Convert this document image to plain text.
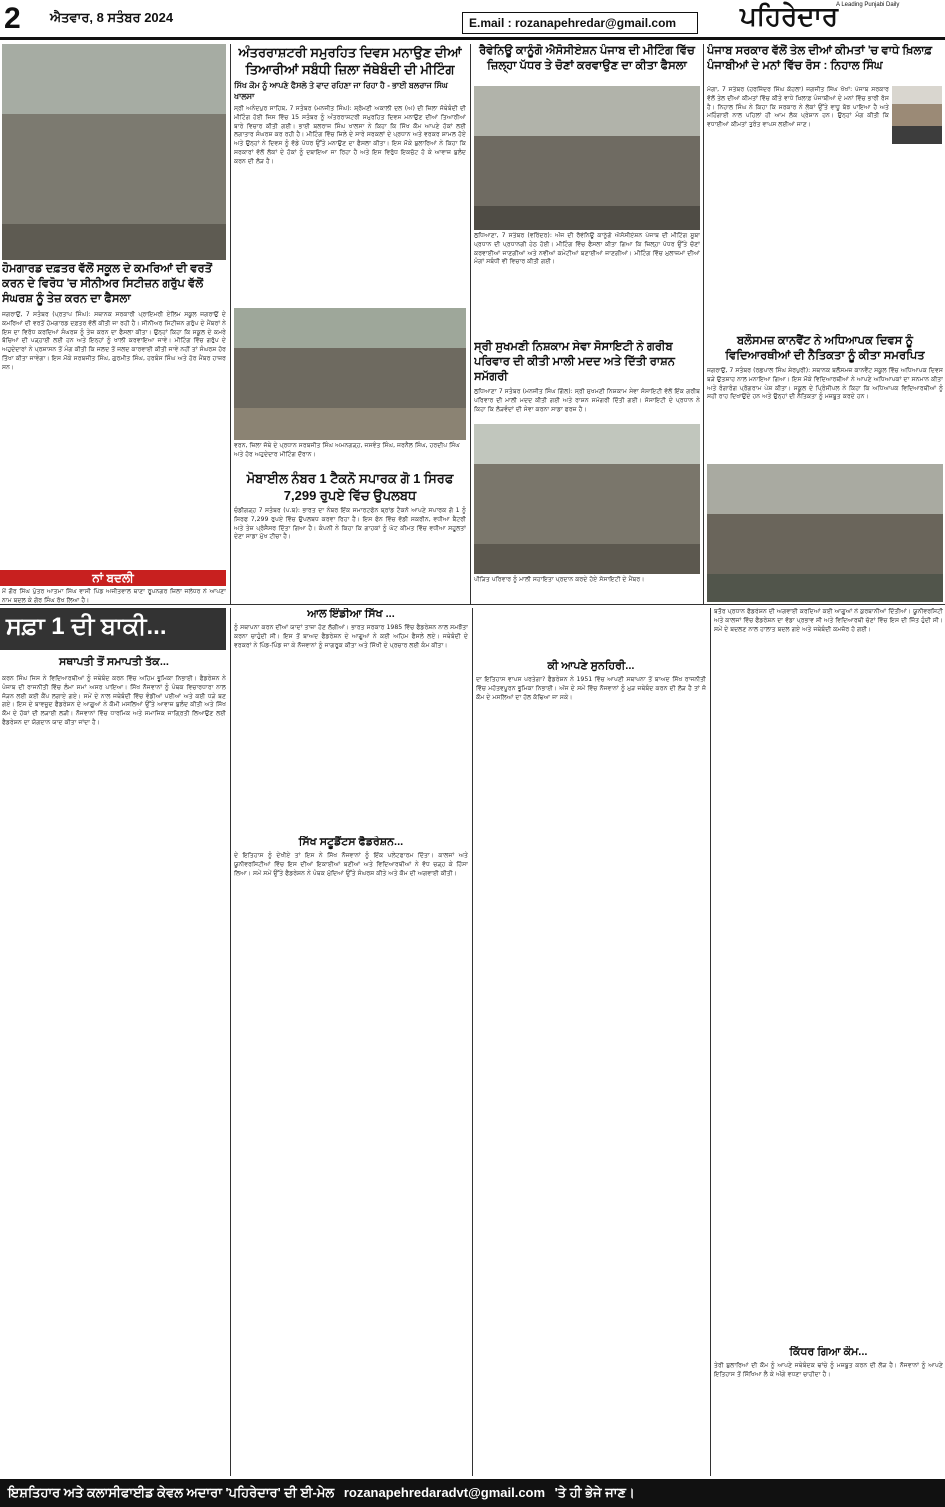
2 ਐਤਵਾਰ, 8 ਸਤੰਬਰ 2024	E.mail : rozanapehredar@gmail.com	ਪਹਿਰੇਦਾਰ
A Leading Punjabi Daily
ਹੋਮਗਾਰਡ ਦਫ਼ਤਰ ਵੱਲੋਂ ਸਕੂਲ ਦੇ ਕਮਰਿਆਂ ਦੀ ਵਰਤੋਂ ਕਰਨ ਦੇ ਵਿਰੋਧ 'ਚ ਸੀਨੀਅਰ ਸਿਟੀਜ਼ਨ ਗਰੁੱਪ ਵੱਲੋਂ ਸੰਘਰਸ਼ ਨੂੰ ਤੇਜ਼ ਕਰਨ ਦਾ ਫੈਸਲਾ
ਜਗਰਾਉਂ, 7 ਸਤੰਬਰ (ਪ੍ਰਤਾਪ ਸਿੰਘ): ਸਥਾਨਕ ਸਰਕਾਰੀ ਪ੍ਰਾਇਮਰੀ ਏਲਿਮ ਸਕੂਲ ਜਗਰਾਉਂ ਦੇ ਕਮਰਿਆਂ ਦੀ ਵਰਤੋਂ ਹੋਮਗਾਰਡ ਦਫ਼ਤਰ ਵੱਲੋਂ ਕੀਤੀ ਜਾ ਰਹੀ ਹੈ। ਸੀਨੀਅਰ ਸਿਟੀਜ਼ਨ ਗਰੁੱਪ ਦੇ ਮੈਂਬਰਾਂ ਨੇ ਇਸ ਦਾ ਵਿਰੋਧ ਕਰਦਿਆਂ ਸੰਘਰਸ਼ ਨੂੰ ਤੇਜ਼ ਕਰਨ ਦਾ ਫੈਸਲਾ ਕੀਤਾ। ਉਨ੍ਹਾਂ ਕਿਹਾ ਕਿ ਸਕੂਲ ਦੇ ਕਮਰੇ ਬੱਚਿਆਂ ਦੀ ਪੜ੍ਹਾਈ ਲਈ ਹਨ ਅਤੇ ਇਨ੍ਹਾਂ ਨੂੰ ਖਾਲੀ ਕਰਵਾਇਆ ਜਾਵੇ। ਮੀਟਿੰਗ ਵਿੱਚ ਗਰੁੱਪ ਦੇ ਅਹੁਦੇਦਾਰਾਂ ਨੇ ਪ੍ਰਸ਼ਾਸਨ ਤੋਂ ਮੰਗ ਕੀਤੀ ਕਿ ਜਲਦ ਤੋਂ ਜਲਦ ਕਾਰਵਾਈ ਕੀਤੀ ਜਾਵੇ ਨਹੀਂ ਤਾਂ ਸੰਘਰਸ਼ ਹੋਰ ਤਿੱਖਾ ਕੀਤਾ ਜਾਵੇਗਾ। ਇਸ ਮੌਕੇ ਸਰਬਜੀਤ ਸਿੰਘ, ਗੁਰਮੀਤ ਸਿੰਘ, ਹਰਬੰਸ ਸਿੰਘ ਅਤੇ ਹੋਰ ਮੈਂਬਰ ਹਾਜ਼ਰ ਸਨ।
ਨਾਂ ਬਦਲੀ
ਮੈਂ ਗੌਰ ਸਿੰਘ ਪੁੱਤਰ ਆਤਮਾ ਸਿੰਘ ਵਾਸੀ ਪਿੰਡ ਅਜੀਤਵਾਲ ਥਾਣਾ ਰੂਪਨਗਰ ਜ਼ਿਲਾ ਜਲੰਧਰ ਨੇ ਆਪਣਾ ਨਾਮ ਬਦਲ ਕੇ ਗੋਰ ਸਿੰਘ ਰੱਖ ਲਿਆ ਹੈ।
ਅੰਤਰਰਾਸ਼ਟਰੀ ਸਮੁਰਹਿਤ ਦਿਵਸ ਮਨਾਉਣ ਦੀਆਂ ਤਿਆਰੀਆਂ ਸਬੰਧੀ ਜ਼ਿਲਾ ਜੱਥੇਬੰਦੀ ਦੀ ਮੀਟਿੰਗ
ਸਿੱਖ ਕੌਮ ਨੂੰ ਆਪਣੇ ਫੈਸਲੇ ਤੇ ਵਾਦ ਰਹਿਣਾ ਜਾ ਰਿਹਾ ਹੈ - ਭਾਈ ਬਲਰਾਜ ਸਿੰਘ ਖਾਲਸਾ
ਸ੍ਰੀ ਅਨੰਦਪੁਰ ਸਾਹਿਬ, 7 ਸਤੰਬਰ (ਮਨਜੀਤ ਸਿੰਘ): ਸ਼੍ਰੋਮਣੀ ਅਕਾਲੀ ਦਲ (ਅ) ਦੀ ਜ਼ਿਲਾ ਜੱਥੇਬੰਦੀ ਦੀ ਮੀਟਿੰਗ ਹੋਈ ਜਿਸ ਵਿੱਚ 15 ਸਤੰਬਰ ਨੂੰ ਅੰਤਰਰਾਸ਼ਟਰੀ ਸਮੁਰਹਿਤ ਦਿਵਸ ਮਨਾਉਣ ਦੀਆਂ ਤਿਆਰੀਆਂ ਬਾਰੇ ਵਿਚਾਰ ਕੀਤੀ ਗਈ। ਭਾਈ ਬਲਰਾਜ ਸਿੰਘ ਖਾਲਸਾ ਨੇ ਕਿਹਾ ਕਿ ਸਿੱਖ ਕੌਮ ਆਪਣੇ ਹੱਕਾਂ ਲਈ ਲਗਾਤਾਰ ਸੰਘਰਸ਼ ਕਰ ਰਹੀ ਹੈ। ਮੀਟਿੰਗ ਵਿੱਚ ਜ਼ਿਲੇ ਦੇ ਸਾਰੇ ਸਰਕਲਾਂ ਦੇ ਪ੍ਰਧਾਨ ਅਤੇ ਵਰਕਰ ਸ਼ਾਮਲ ਹੋਏ ਅਤੇ ਉਨ੍ਹਾਂ ਨੇ ਦਿਵਸ ਨੂੰ ਵੱਡੇ ਪੱਧਰ ਉੱਤੇ ਮਨਾਉਣ ਦਾ ਫੈਸਲਾ ਕੀਤਾ। ਇਸ ਮੌਕੇ ਬੁਲਾਰਿਆਂ ਨੇ ਕਿਹਾ ਕਿ ਸਰਕਾਰਾਂ ਵੱਲੋਂ ਲੋਕਾਂ ਦੇ ਹੱਕਾਂ ਨੂੰ ਦਬਾਇਆ ਜਾ ਰਿਹਾ ਹੈ ਅਤੇ ਇਸ ਵਿਰੁੱਧ ਇਕਜੁੱਟ ਹੋ ਕੇ ਆਵਾਜ਼ ਬੁਲੰਦ ਕਰਨ ਦੀ ਲੋੜ ਹੈ।
ਵਰਨ, ਜ਼ਿਲਾ ਜੱਥੇ ਦੇ ਪ੍ਰਧਾਨ ਸਰਬਜੀਤ ਸਿੰਘ ਅਮਨਗੜ੍ਹ, ਜਸਵੰਤ ਸਿੰਘ, ਜਰਨੈਲ ਸਿੰਘ, ਹਰਦੀਪ ਸਿੰਘ ਅਤੇ ਹੋਰ ਅਹੁਦੇਦਾਰ ਮੀਟਿੰਗ ਦੌਰਾਨ।
ਮੋਬਾਈਲ ਨੰਬਰ 1 ਟੈਕਨੋ ਸਪਾਰਕ ਗੋ 1 ਸਿਰਫ 7,299 ਰੁਪਏ ਵਿੱਚ ਉਪਲਬਧ
ਚੰਡੀਗੜ੍ਹ 7 ਸਤੰਬਰ (ਪ.ਬ): ਭਾਰਤ ਦਾ ਨੰਬਰ ਇੱਕ ਸਮਾਰਟਫੋਨ ਬ੍ਰਾਂਡ ਟੈਕਨੋ ਆਪਣੇ ਸਪਾਰਕ ਗੋ 1 ਨੂੰ ਸਿਰਫ 7,299 ਰੁਪਏ ਵਿੱਚ ਉਪਲਬਧ ਕਰਵਾ ਰਿਹਾ ਹੈ। ਇਸ ਫੋਨ ਵਿੱਚ ਵੱਡੀ ਸਕਰੀਨ, ਵਧੀਆ ਬੈਟਰੀ ਅਤੇ ਤੇਜ਼ ਪ੍ਰੋਸੈਸਰ ਦਿੱਤਾ ਗਿਆ ਹੈ। ਕੰਪਨੀ ਨੇ ਕਿਹਾ ਕਿ ਗਾਹਕਾਂ ਨੂੰ ਘੱਟ ਕੀਮਤ ਵਿੱਚ ਵਧੀਆ ਸਹੂਲਤਾਂ ਦੇਣਾ ਸਾਡਾ ਮੁੱਖ ਟੀਚਾ ਹੈ।
ਰੈਵੇਨਿਊ ਕਾਨੂੰਗੋ ਐਸੋਸੀਏਸ਼ਨ ਪੰਜਾਬ ਦੀ ਮੀਟਿੰਗ ਵਿੱਚ ਜ਼ਿਲ੍ਹਾ ਪੱਧਰ ਤੇ ਚੋਣਾਂ ਕਰਵਾਉਣ ਦਾ ਕੀਤਾ ਫੈਸਲਾ
ਲੁਧਿਆਣਾ, 7 ਸਤੰਬਰ (ਵਰਿੰਦਰ): ਅੱਜ ਦੀ ਰੈਵੇਨਿਊ ਕਾਨੂੰਗੋ ਐਸੋਸੀਏਸ਼ਨ ਪੰਜਾਬ ਦੀ ਮੀਟਿੰਗ ਸੂਬਾ ਪ੍ਰਧਾਨ ਦੀ ਪ੍ਰਧਾਨਗੀ ਹੇਠ ਹੋਈ। ਮੀਟਿੰਗ ਵਿੱਚ ਫੈਸਲਾ ਕੀਤਾ ਗਿਆ ਕਿ ਜ਼ਿਲ੍ਹਾ ਪੱਧਰ ਉੱਤੇ ਚੋਣਾਂ ਕਰਵਾਈਆਂ ਜਾਣਗੀਆਂ ਅਤੇ ਨਵੀਆਂ ਕਮੇਟੀਆਂ ਬਣਾਈਆਂ ਜਾਣਗੀਆਂ। ਮੀਟਿੰਗ ਵਿੱਚ ਮੁਲਾਜ਼ਮਾਂ ਦੀਆਂ ਮੰਗਾਂ ਸਬੰਧੀ ਵੀ ਵਿਚਾਰ ਕੀਤੀ ਗਈ।
ਸ੍ਰੀ ਸੁਖਮਣੀ ਨਿਸ਼ਕਾਮ ਸੇਵਾ ਸੋਸਾਇਟੀ ਨੇ ਗਰੀਬ ਪਰਿਵਾਰ ਦੀ ਕੀਤੀ ਮਾਲੀ ਮਦਦ ਅਤੇ ਦਿੱਤੀ ਰਾਸ਼ਨ ਸਮੱਗਰੀ
ਲੁਧਿਆਣਾ 7 ਸਤੰਬਰ (ਮਨਜੀਤ ਸਿੰਘ ਗਿੱਲ): ਸ੍ਰੀ ਸੁਖਮਣੀ ਨਿਸ਼ਕਾਮ ਸੇਵਾ ਸੋਸਾਇਟੀ ਵੱਲੋਂ ਇੱਕ ਗਰੀਬ ਪਰਿਵਾਰ ਦੀ ਮਾਲੀ ਮਦਦ ਕੀਤੀ ਗਈ ਅਤੇ ਰਾਸ਼ਨ ਸਮੱਗਰੀ ਦਿੱਤੀ ਗਈ। ਸੋਸਾਇਟੀ ਦੇ ਪ੍ਰਧਾਨ ਨੇ ਕਿਹਾ ਕਿ ਲੋੜਵੰਦਾਂ ਦੀ ਸੇਵਾ ਕਰਨਾ ਸਾਡਾ ਫਰਜ਼ ਹੈ।
ਪੀੜਿਤ ਪਰਿਵਾਰ ਨੂੰ ਮਾਲੀ ਸਹਾਇਤਾ ਪ੍ਰਦਾਨ ਕਰਦੇ ਹੋਏ ਸੋਸਾਇਟੀ ਦੇ ਮੈਂਬਰ।
ਪੰਜਾਬ ਸਰਕਾਰ ਵੱਲੋਂ ਤੇਲ ਦੀਆਂ ਕੀਮਤਾਂ 'ਚ ਵਾਧੇ ਖ਼ਿਲਾਫ਼ ਪੰਜਾਬੀਆਂ ਦੇ ਮਨਾਂ ਵਿੱਚ ਰੋਸ : ਨਿਹਾਲ ਸਿੰਘ
ਮੋਗਾ, 7 ਸਤੰਬਰ (ਹਰਜਿੰਦਰ ਸਿੰਘ ਕੋਹਲਾ) ਜਗਜੀਤ ਸਿੰਘ ਖੱਖਾਂ: ਪੰਜਾਬ ਸਰਕਾਰ ਵੱਲੋਂ ਤੇਲ ਦੀਆਂ ਕੀਮਤਾਂ ਵਿੱਚ ਕੀਤੇ ਵਾਧੇ ਖ਼ਿਲਾਫ਼ ਪੰਜਾਬੀਆਂ ਦੇ ਮਨਾਂ ਵਿੱਚ ਭਾਰੀ ਰੋਸ ਹੈ। ਨਿਹਾਲ ਸਿੰਘ ਨੇ ਕਿਹਾ ਕਿ ਸਰਕਾਰ ਨੇ ਲੋਕਾਂ ਉੱਤੇ ਵਾਧੂ ਬੋਝ ਪਾਇਆ ਹੈ ਅਤੇ ਮਹਿੰਗਾਈ ਨਾਲ ਪਹਿਲਾਂ ਹੀ ਆਮ ਲੋਕ ਪ੍ਰੇਸ਼ਾਨ ਹਨ। ਉਨ੍ਹਾਂ ਮੰਗ ਕੀਤੀ ਕਿ ਵਧਾਈਆਂ ਕੀਮਤਾਂ ਤੁਰੰਤ ਵਾਪਸ ਲਈਆਂ ਜਾਣ।
ਬਲੌਸਮਜ਼ ਕਾਨਵੈਂਟ ਨੇ ਅਧਿਆਪਕ ਦਿਵਸ ਨੂੰ ਵਿਦਿਆਰਥੀਆਂ ਦੀ ਨੈਤਿਕਤਾ ਨੂੰ ਕੀਤਾ ਸਮਰਪਿਤ
ਜਗਰਾਉਂ, 7 ਸਤੰਬਰ (ਰਛਪਾਲ ਸਿੰਘ ਸ਼ੇਰਪੁਰੀ): ਸਥਾਨਕ ਬਲੌਸਮਜ਼ ਕਾਨਵੈਂਟ ਸਕੂਲ ਵਿੱਚ ਅਧਿਆਪਕ ਦਿਵਸ ਬੜੇ ਉਤਸ਼ਾਹ ਨਾਲ ਮਨਾਇਆ ਗਿਆ। ਇਸ ਮੌਕੇ ਵਿਦਿਆਰਥੀਆਂ ਨੇ ਆਪਣੇ ਅਧਿਆਪਕਾਂ ਦਾ ਸਨਮਾਨ ਕੀਤਾ ਅਤੇ ਰੰਗਾਰੰਗ ਪ੍ਰੋਗਰਾਮ ਪੇਸ਼ ਕੀਤਾ। ਸਕੂਲ ਦੇ ਪ੍ਰਿੰਸੀਪਲ ਨੇ ਕਿਹਾ ਕਿ ਅਧਿਆਪਕ ਵਿਦਿਆਰਥੀਆਂ ਨੂੰ ਸਹੀ ਰਾਹ ਦਿਖਾਉਂਦੇ ਹਨ ਅਤੇ ਉਨ੍ਹਾਂ ਦੀ ਨੈਤਿਕਤਾ ਨੂੰ ਮਜ਼ਬੂਤ ਕਰਦੇ ਹਨ।
ਸਫ਼ਾ 1 ਦੀ ਬਾਕੀ...
ਸਥਾਪਤੀ ਤੋਂ ਸਮਾਪਤੀ ਤੱਕ...
ਕਰਨ ਸਿੰਘ ਜਿਸ ਨੇ ਵਿਦਿਆਰਥੀਆਂ ਨੂੰ ਜਥੇਬੰਦ ਕਰਨ ਵਿੱਚ ਅਹਿਮ ਭੂਮਿਕਾ ਨਿਭਾਈ। ਫੈਡਰੇਸ਼ਨ ਨੇ ਪੰਜਾਬ ਦੀ ਰਾਜਨੀਤੀ ਵਿੱਚ ਲੰਮਾ ਸਮਾਂ ਅਸਰ ਪਾਇਆ। ਸਿੱਖ ਨੌਜਵਾਨਾਂ ਨੂੰ ਪੰਥਕ ਵਿਚਾਰਧਾਰਾ ਨਾਲ ਜੋੜਨ ਲਈ ਕਈ ਕੈਂਪ ਲਗਾਏ ਗਏ। ਸਮੇਂ ਦੇ ਨਾਲ ਜਥੇਬੰਦੀ ਵਿੱਚ ਵੰਡੀਆਂ ਪਈਆਂ ਅਤੇ ਕਈ ਧੜੇ ਬਣ ਗਏ। ਇਸ ਦੇ ਬਾਵਜੂਦ ਫੈਡਰੇਸ਼ਨ ਦੇ ਆਗੂਆਂ ਨੇ ਕੌਮੀ ਮਸਲਿਆਂ ਉੱਤੇ ਆਵਾਜ਼ ਬੁਲੰਦ ਕੀਤੀ ਅਤੇ ਸਿੱਖ ਕੌਮ ਦੇ ਹੱਕਾਂ ਦੀ ਲੜਾਈ ਲੜੀ। ਨੌਜਵਾਨਾਂ ਵਿੱਚ ਧਾਰਮਿਕ ਅਤੇ ਸਮਾਜਿਕ ਜਾਗ੍ਰਿਤੀ ਲਿਆਉਣ ਲਈ ਫੈਡਰੇਸ਼ਨ ਦਾ ਯੋਗਦਾਨ ਯਾਦ ਕੀਤਾ ਜਾਂਦਾ ਹੈ।
ਆਲ ਇੰਡੀਆ ਸਿੱਖ ...
ਨੂੰ ਸਥਾਪਨਾ ਕਰਨ ਦੀਆਂ ਯਾਦਾਂ ਤਾਜ਼ਾ ਹੋਣ ਲੱਗੀਆਂ। ਭਾਰਤ ਸਰਕਾਰ 1985 ਵਿੱਚ ਫੈਡਰੇਸ਼ਨ ਨਾਲ ਸਮਝੌਤਾ ਕਰਨਾ ਚਾਹੁੰਦੀ ਸੀ। ਇਸ ਤੋਂ ਬਾਅਦ ਫੈਡਰੇਸ਼ਨ ਦੇ ਆਗੂਆਂ ਨੇ ਕਈ ਅਹਿਮ ਫੈਸਲੇ ਲਏ। ਜਥੇਬੰਦੀ ਦੇ ਵਰਕਰਾਂ ਨੇ ਪਿੰਡ-ਪਿੰਡ ਜਾ ਕੇ ਨੌਜਵਾਨਾਂ ਨੂੰ ਜਾਗਰੂਕ ਕੀਤਾ ਅਤੇ ਸਿੱਖੀ ਦੇ ਪ੍ਰਚਾਰ ਲਈ ਕੰਮ ਕੀਤਾ।
ਸਿੱਖ ਸਟੂਡੈਂਟਸ ਫੈਡਰੇਸ਼ਨ...
ਦੇ ਇਤਿਹਾਸ ਨੂੰ ਦੇਖੀਏ ਤਾਂ ਇਸ ਨੇ ਸਿੱਖ ਨੌਜਵਾਨਾਂ ਨੂੰ ਇੱਕ ਪਲੇਟਫਾਰਮ ਦਿੱਤਾ। ਕਾਲਜਾਂ ਅਤੇ ਯੂਨੀਵਰਸਿਟੀਆਂ ਵਿੱਚ ਇਸ ਦੀਆਂ ਇਕਾਈਆਂ ਬਣੀਆਂ ਅਤੇ ਵਿਦਿਆਰਥੀਆਂ ਨੇ ਵੱਧ ਚੜ੍ਹ ਕੇ ਹਿੱਸਾ ਲਿਆ। ਸਮੇਂ ਸਮੇਂ ਉੱਤੇ ਫੈਡਰੇਸ਼ਨ ਨੇ ਪੰਥਕ ਮੁੱਦਿਆਂ ਉੱਤੇ ਸੰਘਰਸ਼ ਕੀਤੇ ਅਤੇ ਕੌਮ ਦੀ ਅਗਵਾਈ ਕੀਤੀ।
ਕੀ ਆਪਣੇ ਸੁਨਹਿਰੀ...
ਦਾ ਇਤਿਹਾਸ ਵਾਪਸ ਪਰਤੇਗਾ? ਫੈਡਰੇਸ਼ਨ ਨੇ 1951 ਵਿੱਚ ਆਪਣੀ ਸਥਾਪਨਾ ਤੋਂ ਬਾਅਦ ਸਿੱਖ ਰਾਜਨੀਤੀ ਵਿੱਚ ਮਹੱਤਵਪੂਰਨ ਭੂਮਿਕਾ ਨਿਭਾਈ। ਅੱਜ ਦੇ ਸਮੇਂ ਵਿੱਚ ਨੌਜਵਾਨਾਂ ਨੂੰ ਮੁੜ ਜਥੇਬੰਦ ਕਰਨ ਦੀ ਲੋੜ ਹੈ ਤਾਂ ਜੋ ਕੌਮ ਦੇ ਮਸਲਿਆਂ ਦਾ ਹੱਲ ਕੱਢਿਆ ਜਾ ਸਕੇ।
ਬਤੌਰ ਪ੍ਰਧਾਨ ਫੈਡਰੇਸ਼ਨ ਦੀ ਅਗਵਾਈ ਕਰਦਿਆਂ ਕਈ ਆਗੂਆਂ ਨੇ ਕੁਰਬਾਨੀਆਂ ਦਿੱਤੀਆਂ। ਯੂਨੀਵਰਸਿਟੀ ਅਤੇ ਕਾਲਜਾਂ ਵਿੱਚ ਫੈਡਰੇਸ਼ਨ ਦਾ ਵੱਡਾ ਪ੍ਰਭਾਵ ਸੀ ਅਤੇ ਵਿਦਿਆਰਥੀ ਚੋਣਾਂ ਵਿੱਚ ਇਸ ਦੀ ਜਿੱਤ ਹੁੰਦੀ ਸੀ। ਸਮੇਂ ਦੇ ਬਦਲਣ ਨਾਲ ਹਾਲਾਤ ਬਦਲ ਗਏ ਅਤੇ ਜਥੇਬੰਦੀ ਕਮਜ਼ੋਰ ਹੋ ਗਈ।
ਕਿੱਧਰ ਗਿਆ ਕੌਮ...
ਤੇਰੀ ਬੁਲਾਰਿਆਂ ਦੀ ਕੌਮ ਨੂੰ ਆਪਣੇ ਜਥੇਬੰਦਕ ਢਾਂਚੇ ਨੂੰ ਮਜ਼ਬੂਤ ਕਰਨ ਦੀ ਲੋੜ ਹੈ। ਨੌਜਵਾਨਾਂ ਨੂੰ ਆਪਣੇ ਇਤਿਹਾਸ ਤੋਂ ਸਿੱਖਿਆ ਲੈ ਕੇ ਅੱਗੇ ਵਧਣਾ ਚਾਹੀਦਾ ਹੈ।
ਇਸ਼ਤਿਹਾਰ ਅਤੇ ਕਲਾਸੀਫਾਈਡ ਕੇਵਲ ਅਦਾਰਾ 'ਪਹਿਰੇਦਾਰ' ਦੀ ਈ-ਮੇਲ rozanapehredaradvt@gmail.com 'ਤੇ ਹੀ ਭੇਜੇ ਜਾਣ।
